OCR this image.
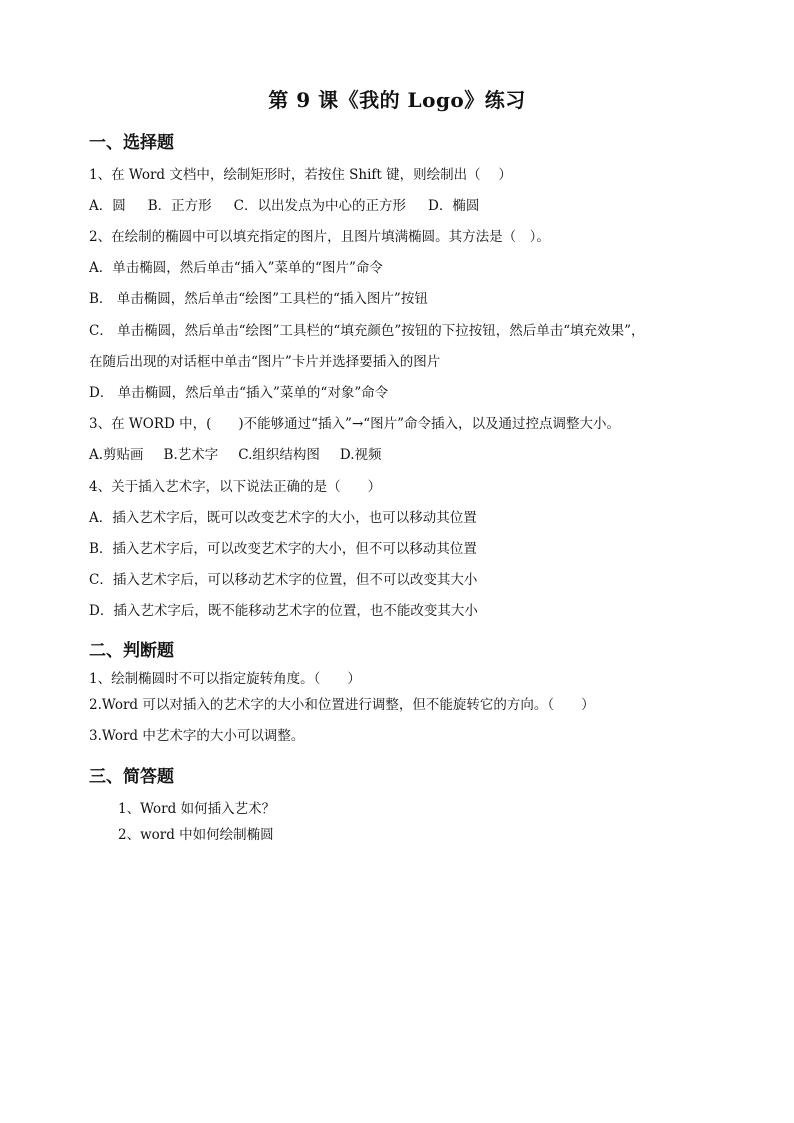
第 9 课《我的 Logo》练习
一、选择题
1、在 Word 文档中，绘制矩形时，若按住 Shift 键，则绘制出（　 ）
A．圆 B．正方形 C．以出发点为中心的正方形 D．椭圆
2、在绘制的椭圆中可以填充指定的图片，且图片填满椭圆。其方法是（　）。
A．单击椭圆，然后单击“插入”菜单的“图片”命令
B． 单击椭圆，然后单击“绘图”工具栏的“插入图片”按钮
C． 单击椭圆，然后单击“绘图”工具栏的“填充颜色”按钮的下拉按钮，然后单击“填充效果”，
在随后出现的对话框中单击“图片”卡片并选择要插入的图片
D． 单击椭圆，然后单击“插入”菜单的“对象”命令
3、在 WORD 中，(　　)不能够通过“插入”→“图片”命令插入，以及通过控点调整大小。
A.剪贴画 B.艺术字 C.组织结构图 D.视频
4、关于插入艺术字，以下说法正确的是（　　）
A．插入艺术字后，既可以改变艺术字的大小，也可以移动其位置
B．插入艺术字后，可以改变艺术字的大小，但不可以移动其位置
C．插入艺术字后，可以移动艺术字的位置，但不可以改变其大小
D．插入艺术字后，既不能移动艺术字的位置，也不能改变其大小
二、判断题
1、绘制椭圆时不可以指定旋转角度。（　　）
2.Word 可以对插入的艺术字的大小和位置进行调整，但不能旋转它的方向。（　　）
3.Word 中艺术字的大小可以调整。
三、简答题
1、Word 如何插入艺术？
2、word 中如何绘制椭圆
